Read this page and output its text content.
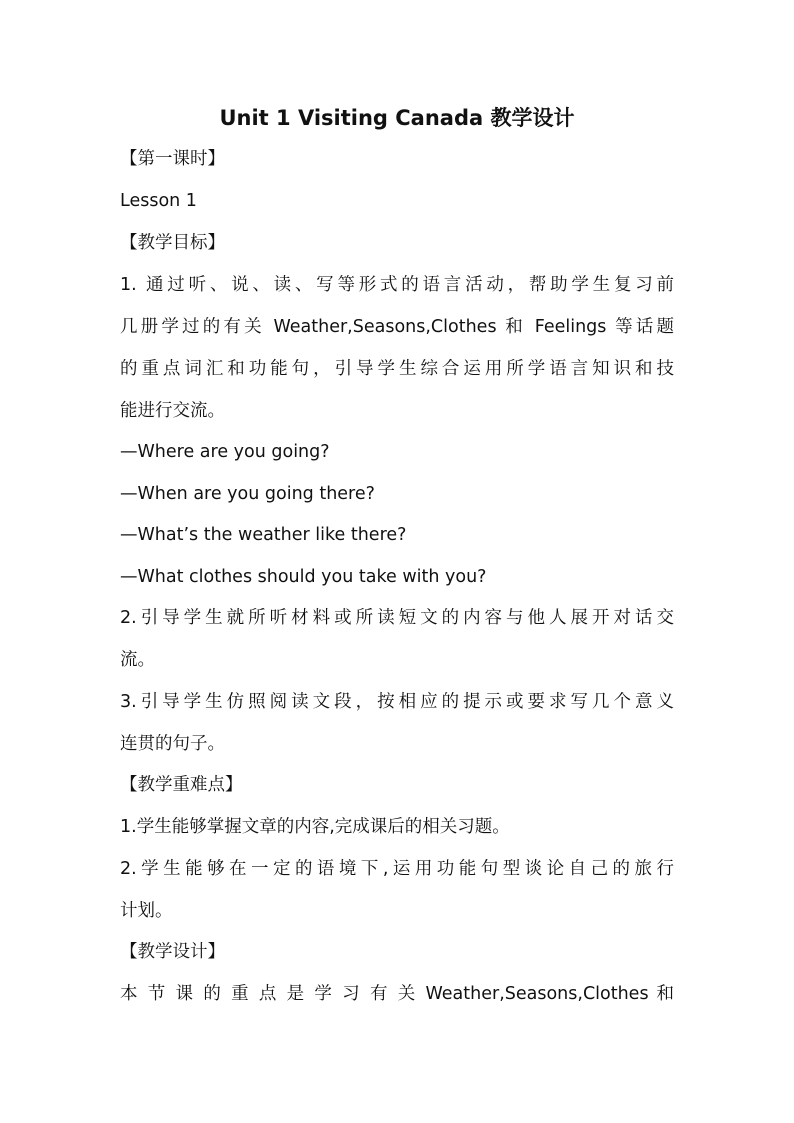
Unit 1 Visiting Canada 教学设计
【第一课时】
Lesson 1
【教学目标】
1. 通过听、说、读、写等形式的语言活动，帮助学生复习前
几册学过的有关 Weather,Seasons,Clothes 和 Feelings 等话题
的重点词汇和功能句，引导学生综合运用所学语言知识和技
能进行交流。
—Where are you going?
—When are you going there?
—What’s the weather like there?
—What clothes should you take with you?
2.引导学生就所听材料或所读短文的内容与他人展开对话交
流。
3.引导学生仿照阅读文段，按相应的提示或要求写几个意义
连贯的句子。
【教学重难点】
1.学生能够掌握文章的内容,完成课后的相关习题。
2.学生能够在一定的语境下,运用功能句型谈论自己的旅行
计划。
【教学设计】
本 节 课 的 重 点 是 学 习 有 关 Weather,Seasons,Clothes 和
